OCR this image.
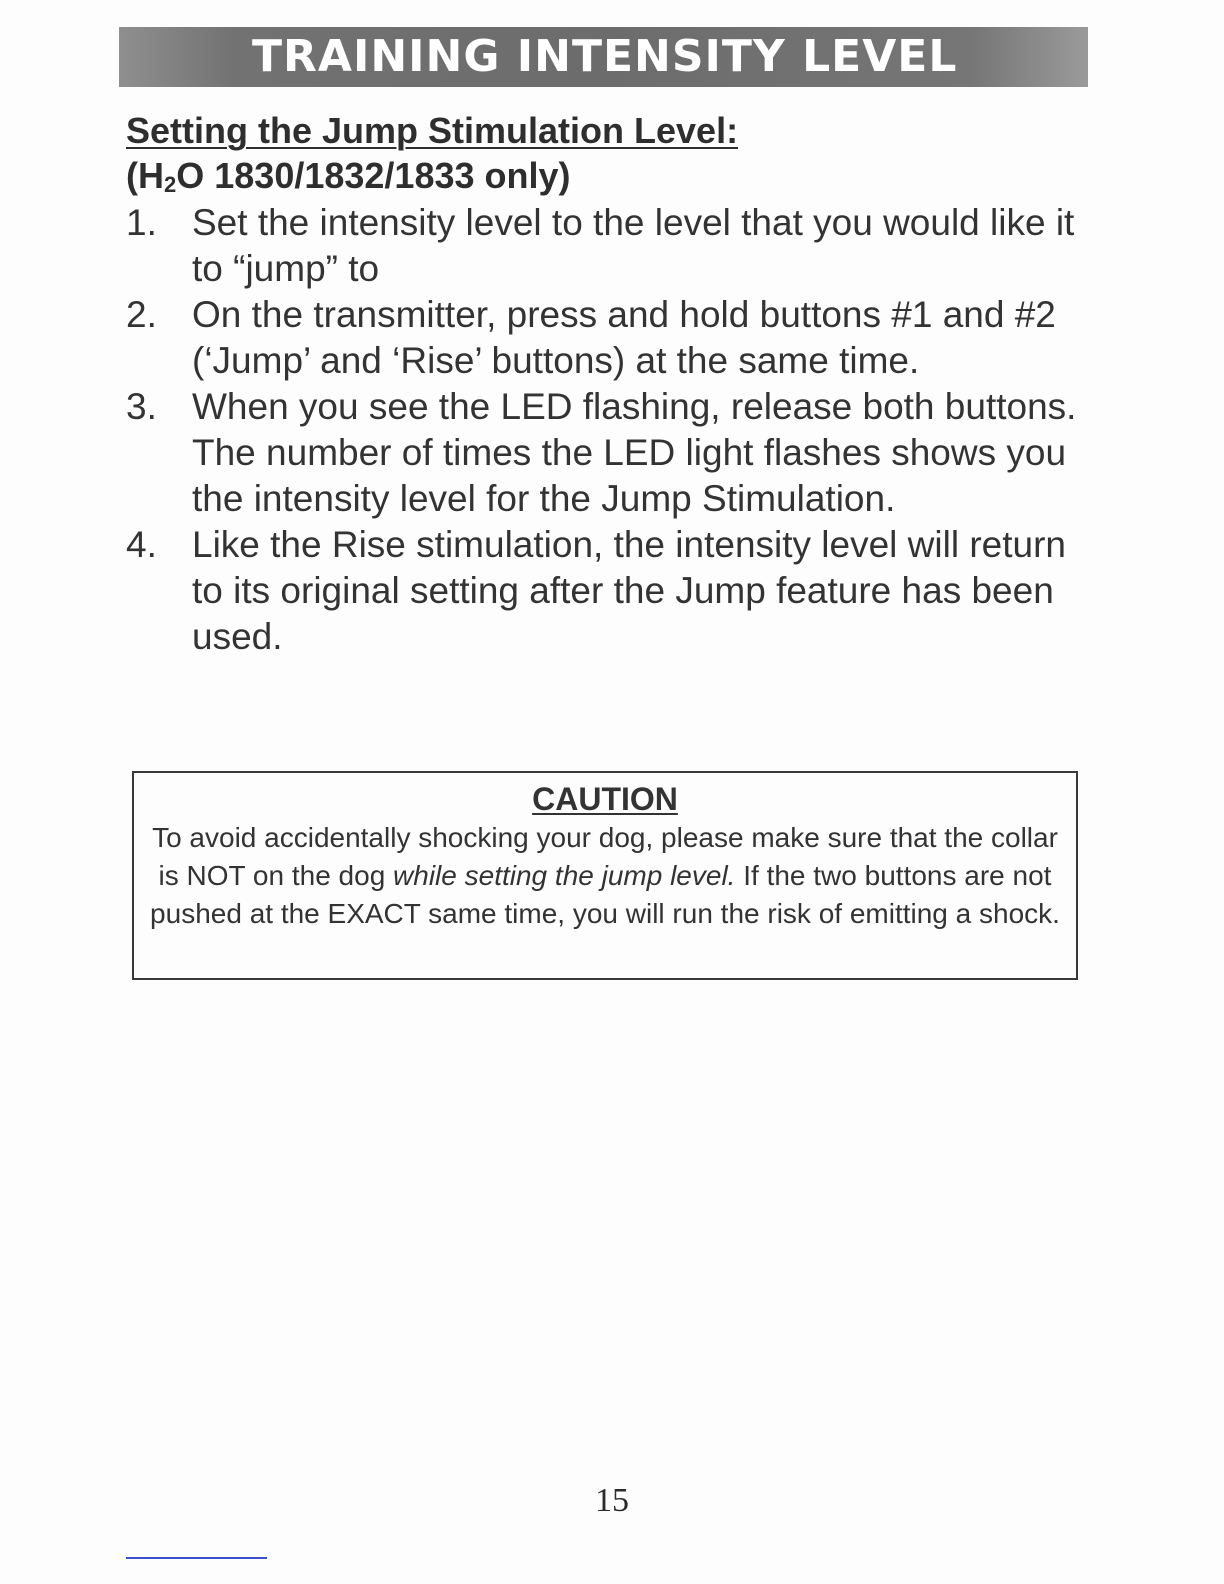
TRAINING INTENSITY LEVEL
Setting the Jump Stimulation Level:
($H_2O$ 1830/1832/1833 only)
1. Set the intensity level to the level that you would like it to “jump” to
2. On the transmitter, press and hold buttons #1 and #2 (‘Jump’ and ‘Rise’ buttons) at the same time.
3. When you see the LED flashing, release both buttons. The number of times the LED light flashes shows you the intensity level for the Jump Stimulation.
4. Like the Rise stimulation, the intensity level will return to its original setting after the Jump feature has been used.
CAUTION

To avoid accidentally shocking your dog, please make sure that the collar is NOT on the dog while setting the jump level. If the two buttons are not pushed at the EXACT same time, you will run the risk of emitting a shock.

15
